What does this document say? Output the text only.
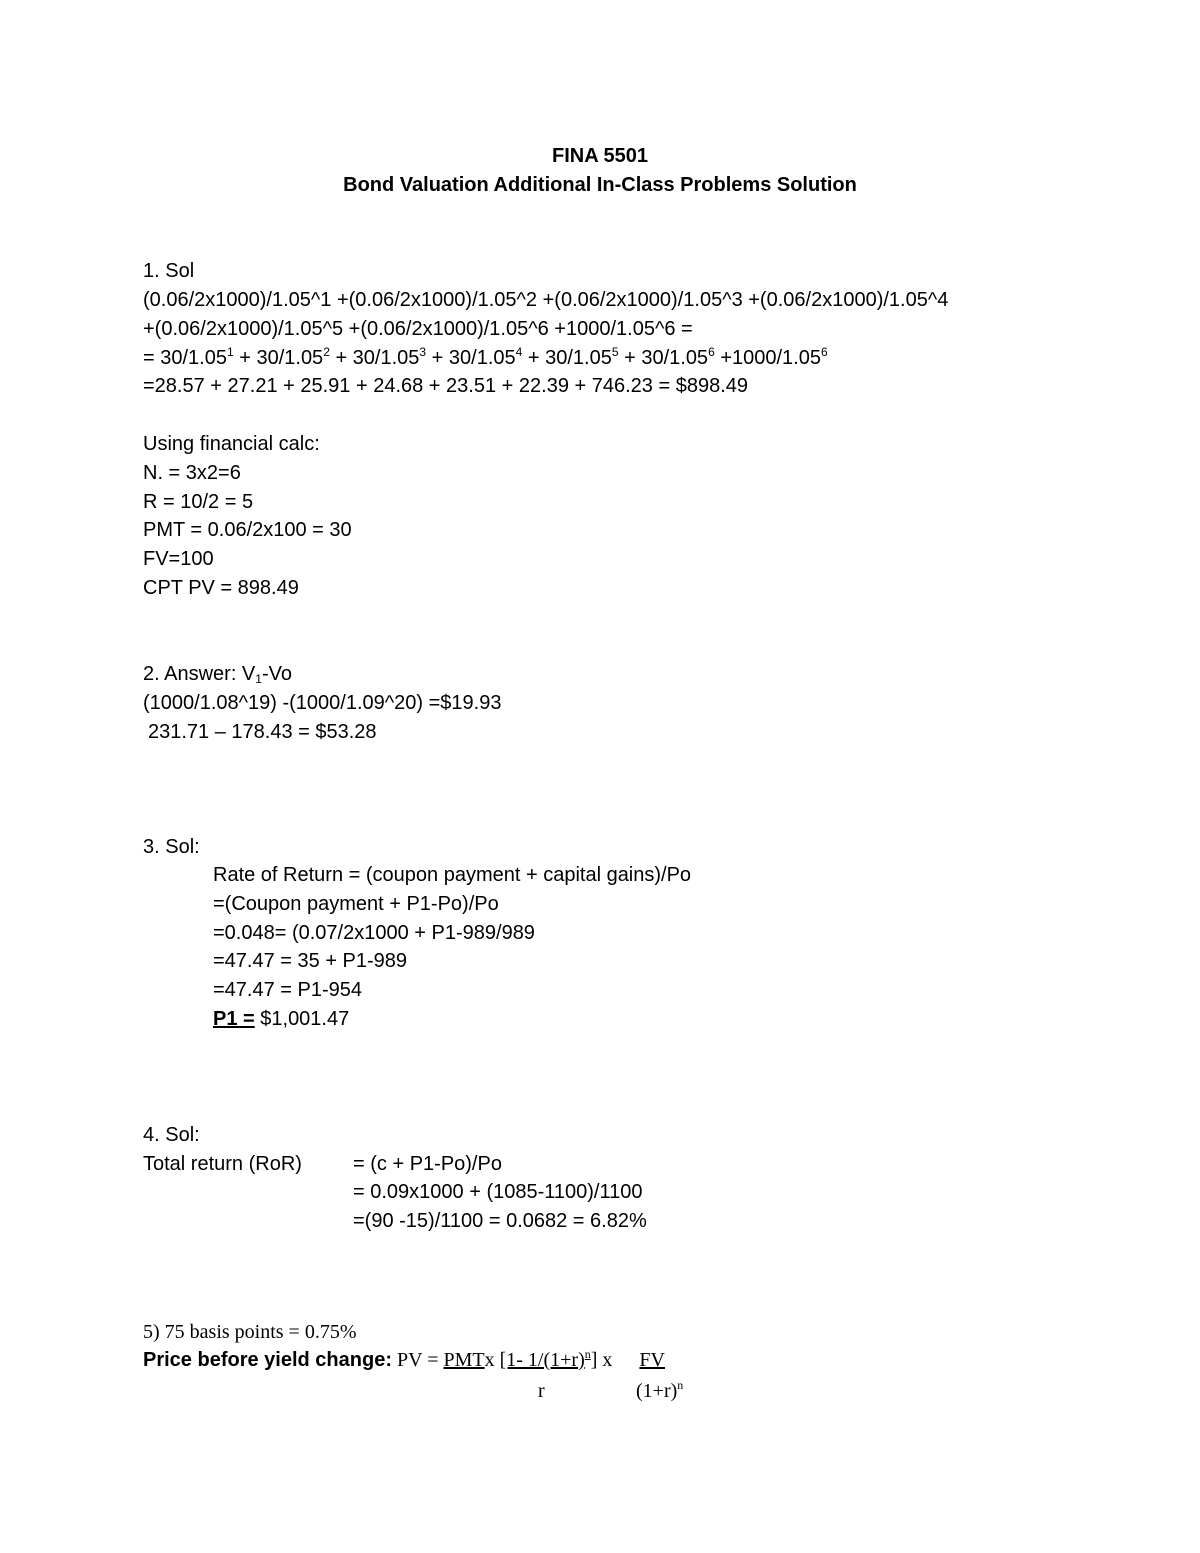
FINA 5501
Bond Valuation Additional In-Class Problems Solution
1. Sol
(0.06/2x1000)/1.05^1 +(0.06/2x1000)/1.05^2 +(0.06/2x1000)/1.05^3 +(0.06/2x1000)/1.05^4
+(0.06/2x1000)/1.05^5 +(0.06/2x1000)/1.05^6 +1000/1.05^6 =
= $30/1.05^1 + 30/1.05^2 + 30/1.05^3 + 30/1.05^4 + 30/1.05^5 + 30/1.05^6 +1000/1.05^6$
=28.57 + 27.21 + 25.91 + 24.68 + 23.51 + 22.39 + 746.23 = $898.49
Using financial calc:
N. = 3x2=6
R = 10/2 = 5
PMT = 0.06/2x100 = 30
FV=100
CPT PV = 898.49
2. Answer: $V_1-Vo$
(1000/1.08^19) -(1000/1.09^20) =$19.93
231.71 – 178.43 = $53.28
3. Sol:
Rate of Return = (coupon payment + capital gains)/Po
=(Coupon payment + P1-Po)/Po
=0.048= (0.07/2x1000 + P1-989/989
=47.47 = 35 + P1-989
=47.47 = P1-954
P1 = $1,001.47
4. Sol:
Total return (RoR)	= (c + P1-Po)/Po
= 0.09x1000 + (1085-1100)/1100
=(90 -15)/1100 = 0.0682 = 6.82%
5) 75 basis points = 0.75%
Price before yield change: PV = PMTx [1- $1/(1+r)^n$] x FV
r	$(1+r)^n$
